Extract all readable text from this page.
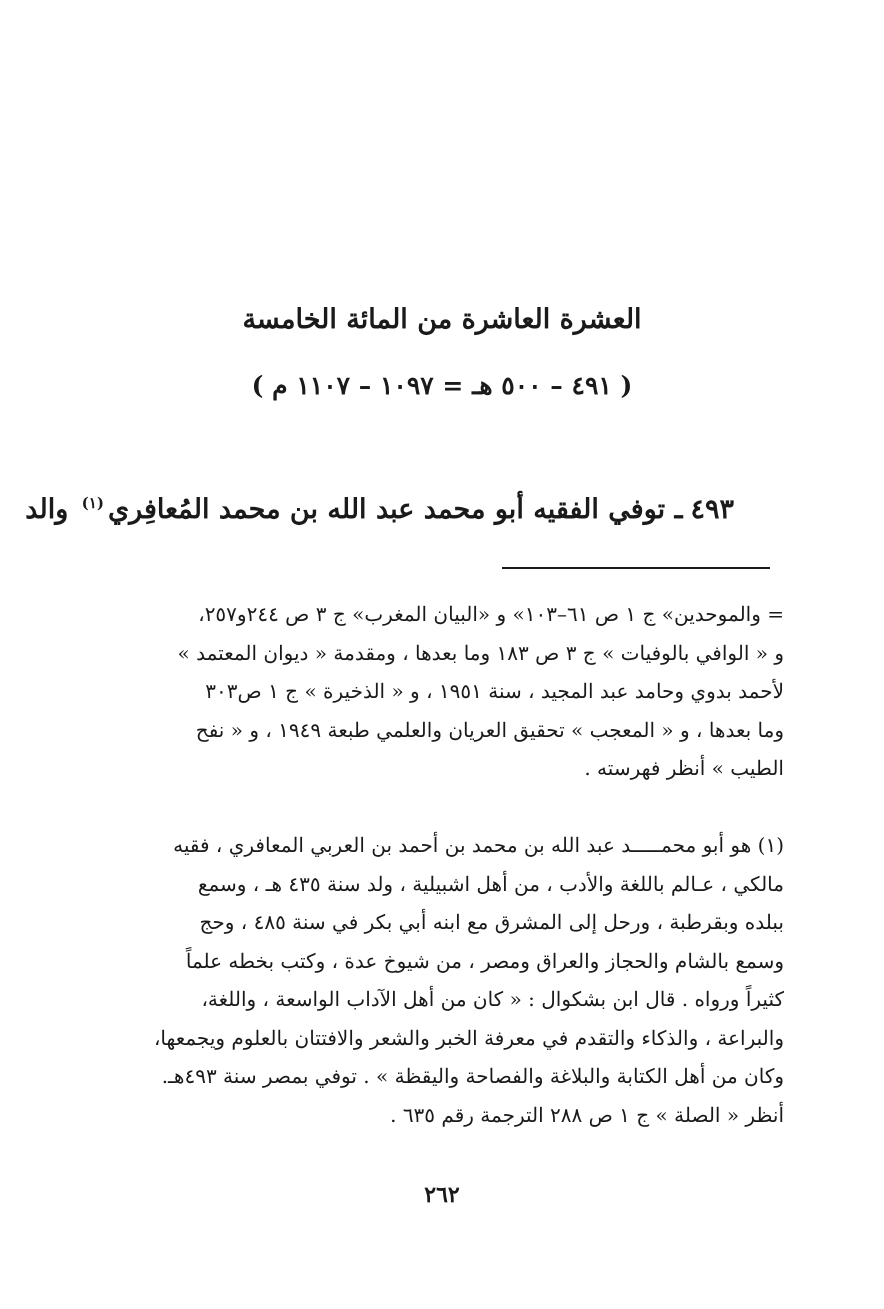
العشرة العاشرة من المائة الخامسة
( ٤٩١ – ٥٠٠ هـ = ١٠٩٧ – ١١٠٧ م )
٤٩٣ـ توفي الفقيه أبو محمد عبد الله بن محمد المُعافِري$^{(١)}$ والد

= والموحدين» ج ١ ص ٦١–١٠٣» و «البيان المغرب» ج ٣ ص ٢٤٤و٢٥٧،

و « الوافي بالوفيات » ج ٣ ص ١٨٣ وما بعدها ، ومقدمة « ديوان المعتمد »

لأحمد بدوي وحامد عبد المجيد ، سنة ١٩٥١ ، و « الذخيرة » ج ١ ص٣٠٣

وما بعدها ، و « المعجب » تحقيق العريان والعلمي طبعة ١٩٤٩ ، و « نفح

الطيب » أنظر فهرسته .

(١) هو أبو محمـــــد عبد الله بن محمد بن أحمد بن العربي المعافري ، فقيه

مالكي ، عـالم باللغة والأدب ، من أهل اشبيلية ، ولد سنة ٤٣٥ هـ ، وسمع

ببلده وبقرطبة ، ورحل إلى المشرق مع ابنه أبي بكر في سنة ٤٨٥ ، وحج

وسمع بالشام والحجاز والعراق ومصر ، من شيوخ عدة ، وكتب بخطه علماً

كثيراً ورواه . قال ابن بشكوال : « كان من أهل الآداب الواسعة ، واللغة،

والبراعة ، والذكاء والتقدم في معرفة الخبر والشعر والافتتان بالعلوم ويجمعها،

وكان من أهل الكتابة والبلاغة والفصاحة واليقظة » . توفي بمصر سنة ٤٩٣هـ.

أنظر « الصلة » ج ١ ص ٢٨٨ الترجمة رقم ٦٣٥ .

٢٦٢
